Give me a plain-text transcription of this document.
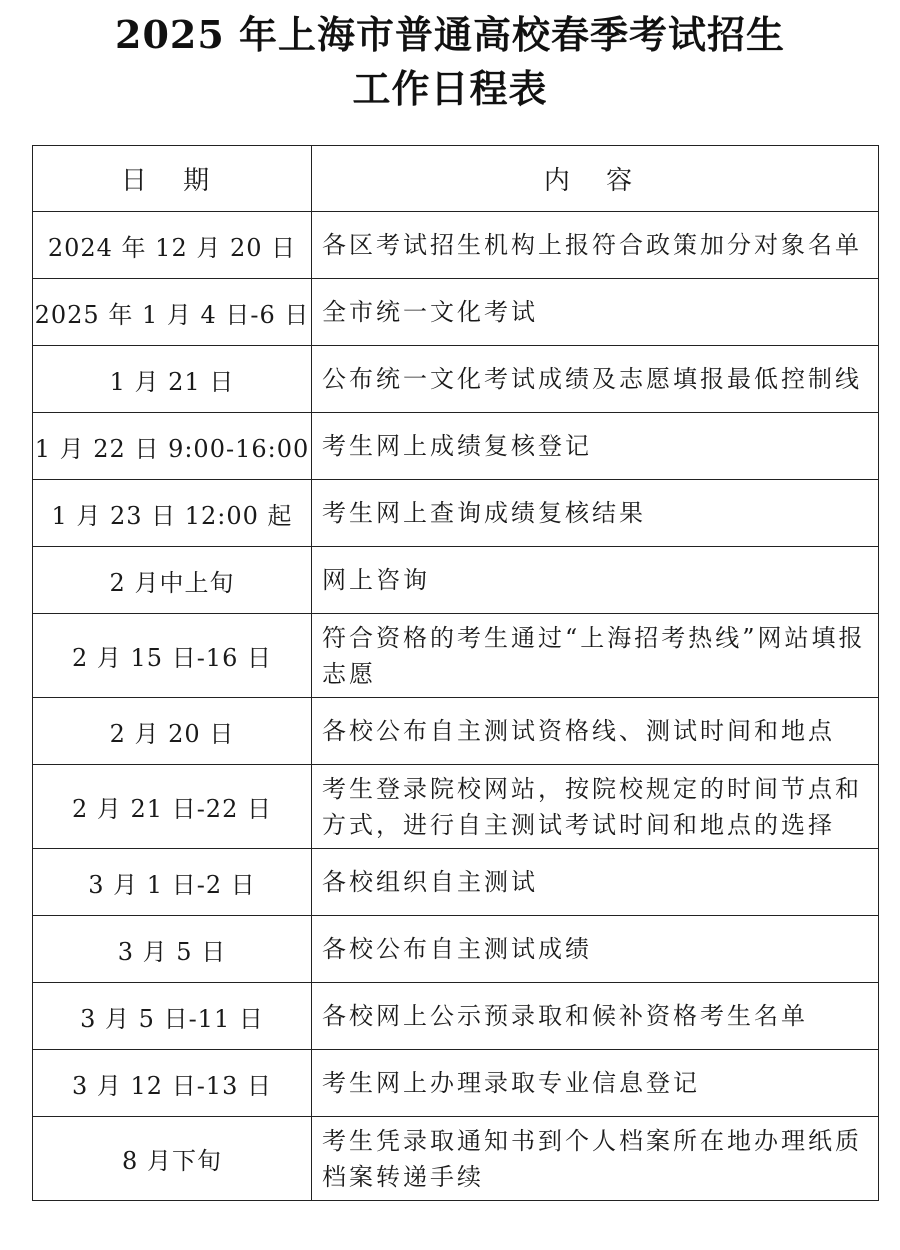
2025 年上海市普通高校春季考试招生
工作日程表
日 期	内 容
2024 年 12 月 20 日	各区考试招生机构上报符合政策加分对象名单
2025 年 1 月 4 日-6 日	全市统一文化考试
1 月 21 日	公布统一文化考试成绩及志愿填报最低控制线
1 月 22 日 9:00-16:00	考生网上成绩复核登记
1 月 23 日 12:00 起	考生网上查询成绩复核结果
2 月中上旬	网上咨询
2 月 15 日-16 日	符合资格的考生通过“上海招考热线”网站填报志愿
2 月 20 日	各校公布自主测试资格线、测试时间和地点
2 月 21 日-22 日	考生登录院校网站，按院校规定的时间节点和方式，进行自主测试考试时间和地点的选择
3 月 1 日-2 日	各校组织自主测试
3 月 5 日	各校公布自主测试成绩
3 月 5 日-11 日	各校网上公示预录取和候补资格考生名单
3 月 12 日-13 日	考生网上办理录取专业信息登记
8 月下旬	考生凭录取通知书到个人档案所在地办理纸质档案转递手续
